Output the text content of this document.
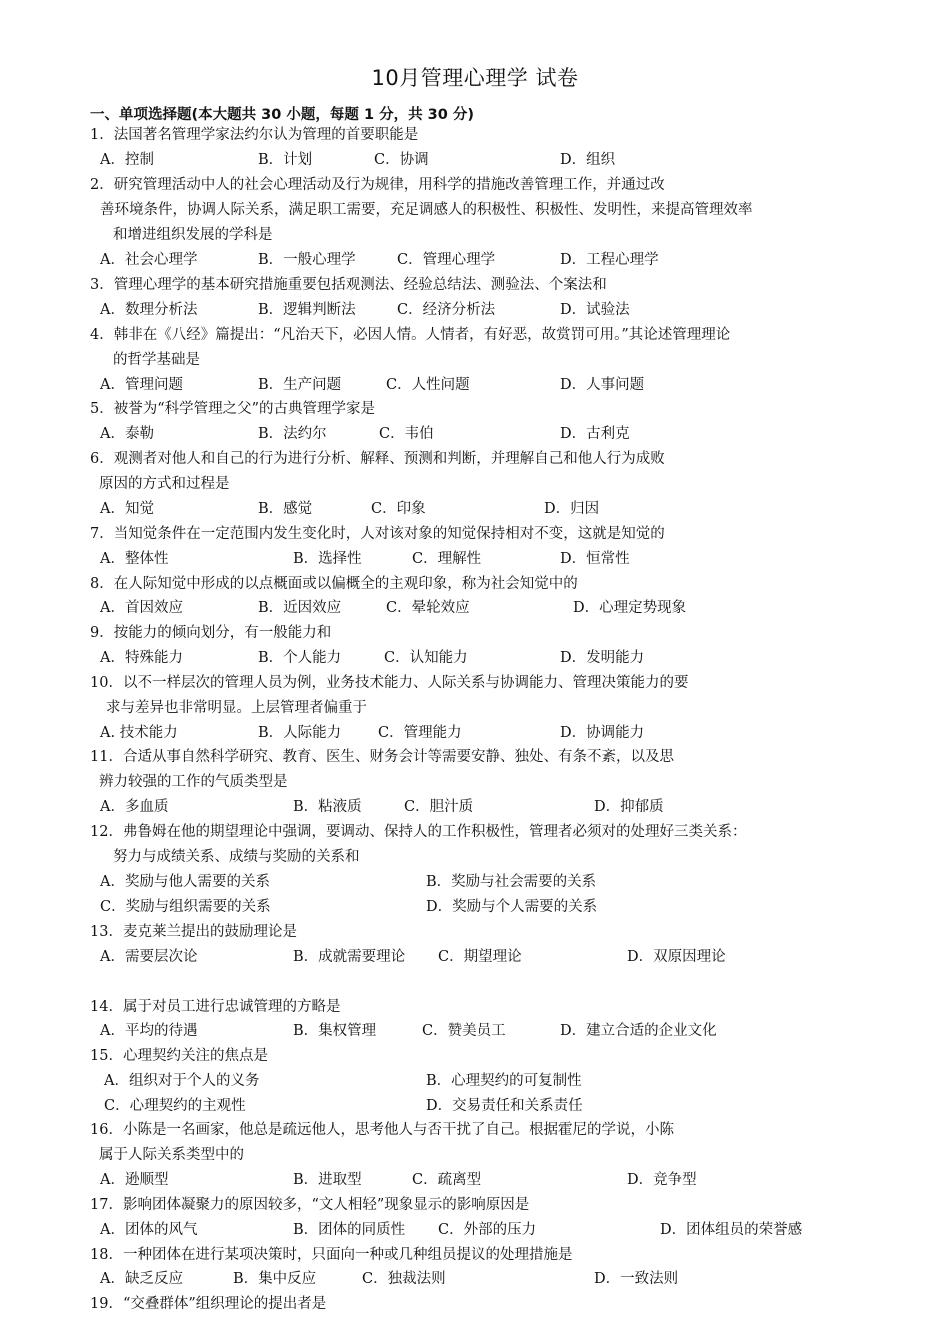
10月管理心理学 试卷
一、单项选择题(本大题共 30 小题，每题 1 分，共 30 分)
1．法国著名管理学家法约尔认为管理的首要职能是
A．控制	B．计划	C．协调	D．组织
2．研究管理活动中人的社会心理活动及行为规律，用科学的措施改善管理工作，并通过改
善环境条件，协调人际关系，满足职工需要，充足调感人的积极性、积极性、发明性，来提高管理效率
和增进组织发展的学科是
A．社会心理学	B．一般心理学	C．管理心理学	D．工程心理学
3．管理心理学的基本研究措施重要包括观测法、经验总结法、测验法、个案法和
A．数理分析法	B．逻辑判断法	C．经济分析法	D．试验法
4．韩非在《八经》篇提出：“凡治天下，必因人情。人情者，有好恶，故赏罚可用。”其论述管理理论
的哲学基础是
A．管理问题	B．生产问题	C．人性问题	D．人事问题
5．被誉为“科学管理之父”的古典管理学家是
A．泰勒	B．法约尔	C．韦伯	D．古利克
6．观测者对他人和自己的行为进行分析、解释、预测和判断，并理解自己和他人行为成败
原因的方式和过程是
A．知觉	B．感觉	C．印象	D．归因
7．当知觉条件在一定范围内发生变化时，人对该对象的知觉保持相对不变，这就是知觉的
A．整体性	B．选择性	C．理解性	D．恒常性
8．在人际知觉中形成的以点概面或以偏概全的主观印象，称为社会知觉中的
A．首因效应	B．近因效应	C．晕轮效应	D．心理定势现象
9．按能力的倾向划分，有一般能力和
A．特殊能力	B．个人能力	C．认知能力	D．发明能力
10．以不一样层次的管理人员为例，业务技术能力、人际关系与协调能力、管理决策能力的要
求与差异也非常明显。上层管理者偏重于
A. 技术能力	B．人际能力	C．管理能力	D．协调能力
11．合适从事自然科学研究、教育、医生、财务会计等需要安静、独处、有条不紊，以及思
辨力较强的工作的气质类型是
A．多血质	B．粘液质	C．胆汁质	D．抑郁质
12．弗鲁姆在他的期望理论中强调，要调动、保持人的工作积极性，管理者必须对的处理好三类关系：
努力与成绩关系、成绩与奖励的关系和
A．奖励与他人需要的关系	B．奖励与社会需要的关系
C．奖励与组织需要的关系	D．奖励与个人需要的关系
13．麦克莱兰提出的鼓励理论是
A．需要层次论	B．成就需要理论 C．期望理论	D．双原因理论
14．属于对员工进行忠诚管理的方略是
A．平均的待遇	B．集权管理	C．赞美员工	D．建立合适的企业文化
15．心理契约关注的焦点是
A．组织对于个人的义务	B．心理契约的可复制性
C．心理契约的主观性	D．交易责任和关系责任
16．小陈是一名画家，他总是疏远他人，思考他人与否干扰了自己。根据霍尼的学说，小陈
属于人际关系类型中的
A．逊顺型	B．进取型	C．疏离型	D．竞争型
17．影响团体凝聚力的原因较多，“文人相轻”现象显示的影响原因是
A．团体的风气	B．团体的同质性 C．外部的压力	D．团体组员的荣誉感
18．一种团体在进行某项决策时，只面向一种或几种组员提议的处理措施是
A．缺乏反应	B．集中反应	C．独裁法则	D．一致法则
19．“交叠群体”组织理论的提出者是
